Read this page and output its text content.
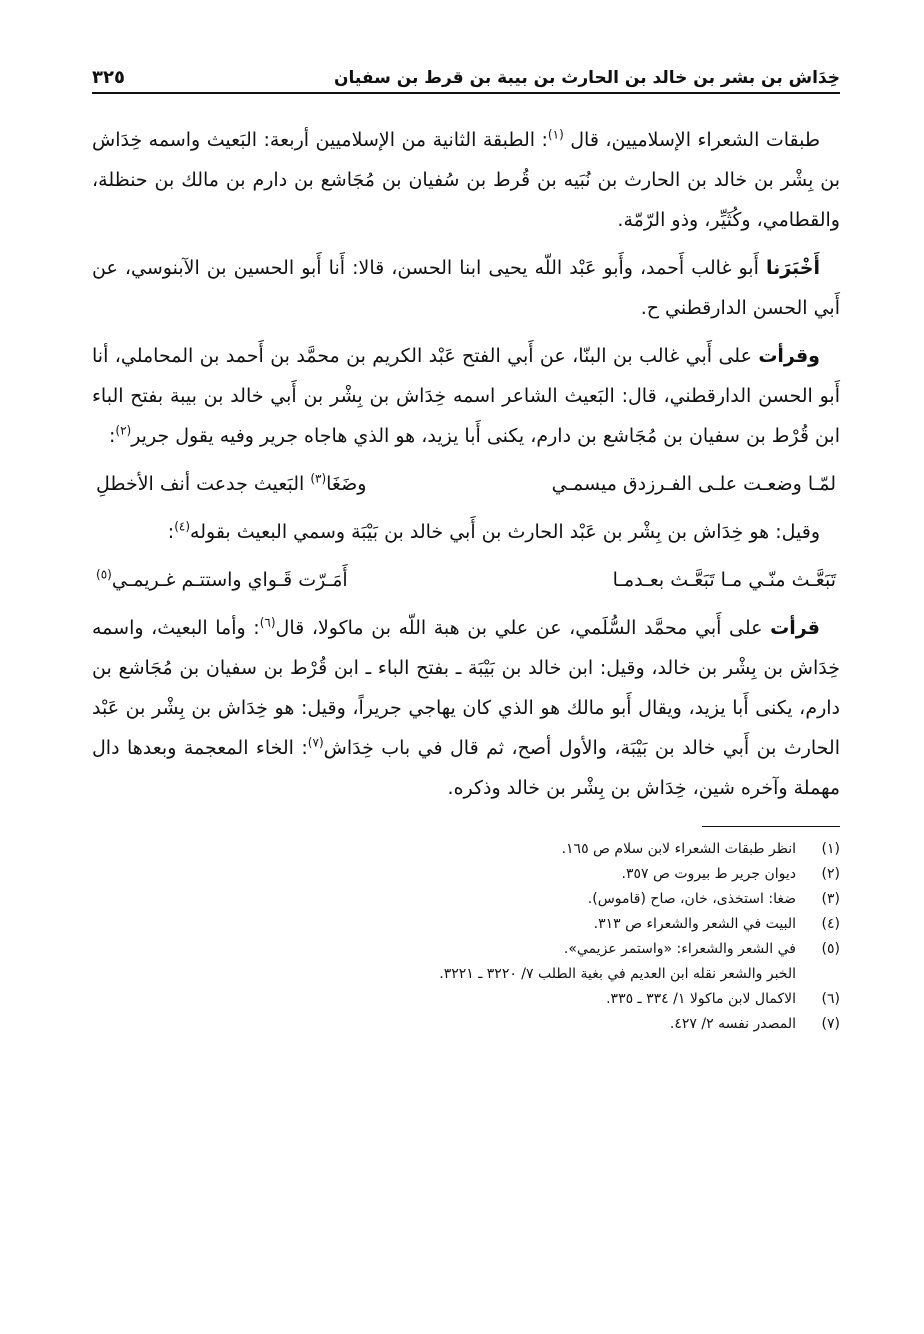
خِدَاش بن بشر بن خالد بن الحارث بن بيبة بن قرط بن سفيان
٣٢٥

طبقات الشعراء الإسلاميين، قال $^{(١)}$: الطبقة الثانية من الإسلاميين أربعة: البَعيث واسمه خِدَاش بن بِشْر بن خالد بن الحارث بن نُبَيه بن قُرط بن سُفيان بن مُجَاشع بن دارم بن مالك بن حنظلة، والقطامي، وكُثَيِّر، وذو الرّمّة.

أَخْبَرَنا أَبو غالب أَحمد، وأَبو عَبْد اللّه يحيى ابنا الحسن، قالا: أَنا أَبو الحسين بن الآبنوسي، عن أَبي الحسن الدارقطني ح.

وقرأت على أَبي غالب بن البنّا، عن أَبي الفتح عَبْد الكريم بن محمَّد بن أَحمد بن المحاملي، أنا أَبو الحسن الدارقطني، قال: البَعيث الشاعر اسمه خِدَاش بن بِشْر بن أَبي خالد بن بيبة بفتح الباء ابن قُرْط بن سفيان بن مُجَاشع بن دارم، يكنى أَبا يزيد، هو الذي هاجاه جرير وفيه يقول جرير$^{(٢)}$:

لمّـا وضعـت علـى الفـرزدق ميسمـي
وضَغَا$^{(٣)}$ البَعيث جدعت أنف الأخطلِ

وقيل: هو خِدَاش بن بِشْر بن عَبْد الحارث بن أَبي خالد بن بَيْبَة وسمي البعيث بقوله$^{(٤)}$:

تَبَعَّـث منّـي مـا تَبَعَّـث بعـدمـا
أَمَـرّت قَـواي واستتـم غـريمـي$^{(٥)}$

قرأت على أَبي محمَّد السُّلَمي، عن علي بن هبة اللّه بن ماكولا، قال$^{(٦)}$: وأما البعيث، واسمه خِدَاش بن بِشْر بن خالد، وقيل: ابن خالد بن بَيْبَة ـ بفتح الباء ـ ابن قُرْط بن سفيان بن مُجَاشع بن دارم، يكنى أَبا يزيد، ويقال أَبو مالك هو الذي كان يهاجي جريراً، وقيل: هو خِدَاش بن بِشْر بن عَبْد الحارث بن أَبي خالد بن بَيْبَة، والأول أصح، ثم قال في باب خِدَاش$^{(٧)}$: الخاء المعجمة وبعدها دال مهملة وآخره شين، خِدَاش بن بِشْر بن خالد وذكره.

(١)
انظر طبقات الشعراء لابن سلام ص ١٦٥.
(٢)
ديوان جرير ط بيروت ص ٣٥٧.
(٣)
ضغا: استخذى، خان، صاح (قاموس).
(٤)
البيت في الشعر والشعراء ص ٣١٣.
(٥)
في الشعر والشعراء: «واستمر عزيمي».
الخبر والشعر نقله ابن العديم في بغية الطلب ٧/ ٣٢٢٠ ـ ٣٢٢١.
(٦)
الاكمال لابن ماكولا ١/ ٣٣٤ ـ ٣٣٥.
(٧)
المصدر نفسه ٢/ ٤٢٧.
